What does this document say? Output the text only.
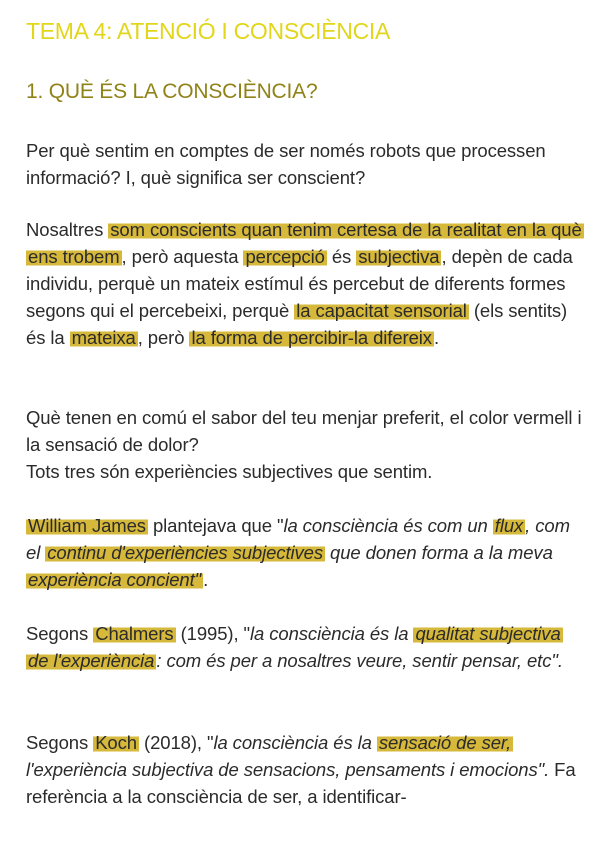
TEMA 4: ATENCIÓ I CONSCIÈNCIA
1. QUÈ ÉS LA CONSCIÈNCIA?

Per què sentim en comptes de ser només robots que processen informació? I, què significa ser conscient?

Nosaltres som conscients quan tenim certesa de la realitat en la què ens trobem , però aquesta percepció és subjectiva , depèn de cada individu, perquè un mateix estímul és percebut de diferents formes segons qui el percebeixi, perquè la capacitat sensorial (els sentits) és la mateixa , però la forma de percibir-la difereix .

Què tenen en comú el sabor del teu menjar preferit, el color vermell i la sensació de dolor?
Tots tres són experiències subjectives que sentim.

William James plantejava que "la consciència és com un flux , com el continu d'experiències subjectives que donen forma a la meva experiència concient" .

Segons Chalmers (1995), "la consciència és la qualitat subjectiva de l'experiència : com és per a nosaltres veure, sentir pensar, etc".

Segons Koch (2018), "la consciència és la sensació de ser, l'experiència subjectiva de sensacions, pensaments i emocions". Fa referència a la consciència de ser, a identificar-
